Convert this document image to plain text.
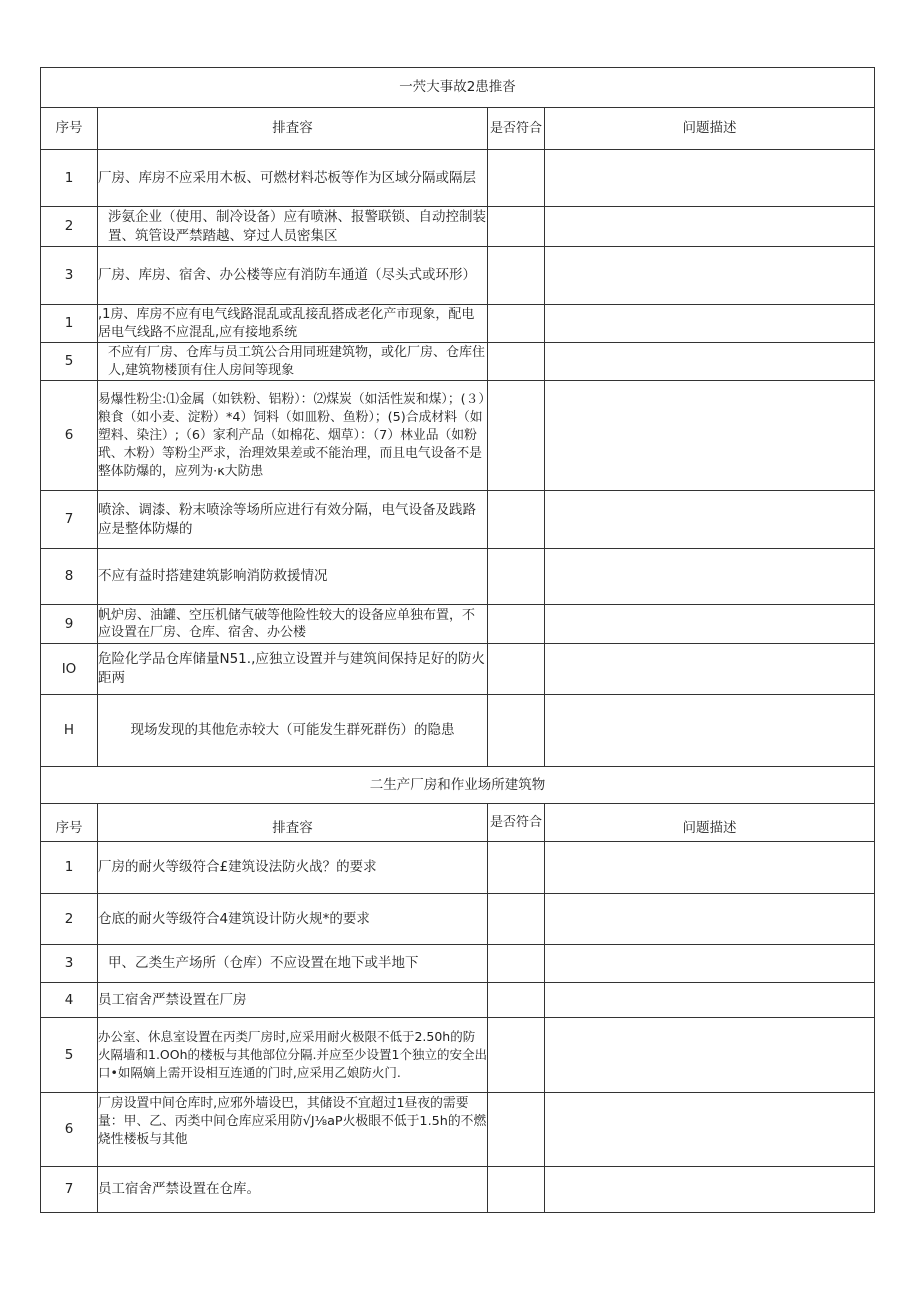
一茓大事故2患推沓			
序号	排査容	是否符合	问题描述
1	厂房、库房不应采用木板、可燃材料芯板等作为区域分隔或隔层		
2	涉氨企业（使用、制冷设备）应有喷淋、报警联锁、自动控制装置、筑管设严禁踏越、穿过人员密集区		
3	厂房、库房、宿舍、办公楼等应有消防车通道（尽头式或环形）		
1	,1房、库房不应有电气线路混乱或乱接乱搭成老化产市现象，配电居电气线路不应混乱,应有接地系统		
5	不应有厂房、仓库与员工筑公合用同班建筑物，或化厂房、仓库住人,建筑物楼顶有住人房间等现象		
6	易爆性粉尘:⑴金属（如铁粉、铝粉）：⑵煤炭（如活性炭和煤）；(３）粮食（如小麦、淀粉）*4）饲料（如皿粉、鱼粉）；(5)合成材料（如塑料、染注）;（6）家利产品（如棉花、烟草）：（7）林业品（如粉玳、木粉）等粉尘严求，治理效果差或不能治理，而且电气设备不是整体防爆的，应列为·κ大防患		
7	喷涂、调漆、粉末喷涂等场所应进行有效分隔，电气设备及践路应是整体防爆的		
8	不应有益时搭建建筑影响消防救援情况		
9	帆炉房、油罐、空压机储气破等他险性较大的设备应单独布置，不应设置在厂房、仓库、宿舍、办公楼		
IO	危险化学品仓库储量N51.,应独立设置并与建筑间保持足好的防火距两		
H	现场发现的其他危赤较大（可能发生群死群伤）的隐患		
二生产厂房和作业场所建筑物			
序号	排査容	是否符合	问题描述
1	厂房的耐火等级符合£建筑设法防火战？的要求		
2	仓底的耐火等级符合4建筑设计防火规*的要求		
3	甲、乙类生产场所（仓库）不应设置在地下或半地下		
4	员工宿舍严禁设置在厂房		
5	办公室、休息室设置在丙类厂房时,应采用耐火极限不低于2.50h的防火隔墙和1.OOh的楼板与其他部位分隔.并应至少设置1个独立的安全出口•如隔嫡上需开设相互连通的门时,应采用乙娘防火门.		
6	厂房设置中间仓库时,应邪外墙设巴，其储设不宜超过1昼夜的需要量：甲、乙、丙类中间仓库应采用防√J⅛aP火极眼不低于1.5h的不燃烧性楼板与其他		
7	员工宿舍严禁设置在仓库。		
